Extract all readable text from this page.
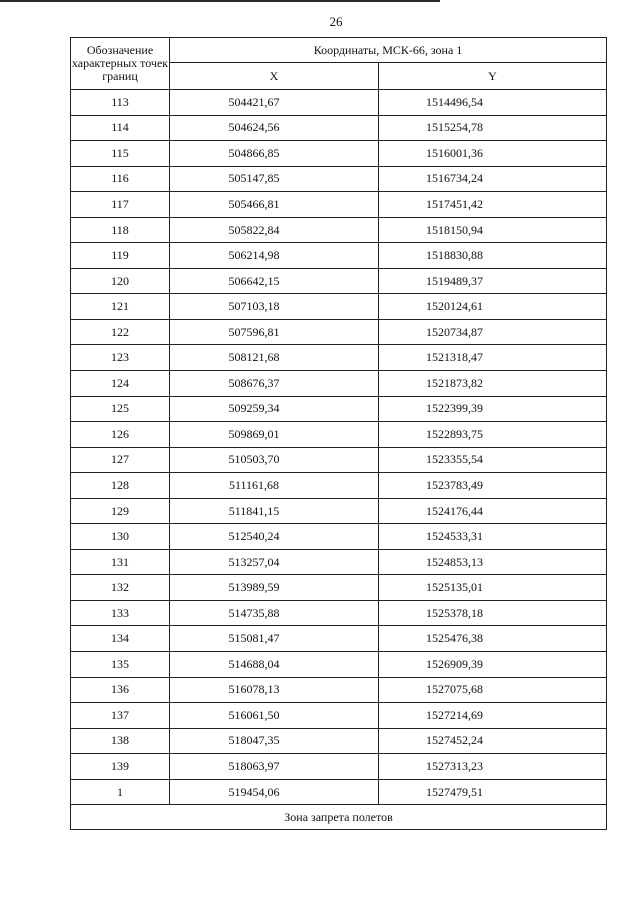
26
Обозначение характерных точек границ	Координаты, МСК-66, зона 1	
	X	Y
113	504421,67	1514496,54
114	504624,56	1515254,78
115	504866,85	1516001,36
116	505147,85	1516734,24
117	505466,81	1517451,42
118	505822,84	1518150,94
119	506214,98	1518830,88
120	506642,15	1519489,37
121	507103,18	1520124,61
122	507596,81	1520734,87
123	508121,68	1521318,47
124	508676,37	1521873,82
125	509259,34	1522399,39
126	509869,01	1522893,75
127	510503,70	1523355,54
128	511161,68	1523783,49
129	511841,15	1524176,44
130	512540,24	1524533,31
131	513257,04	1524853,13
132	513989,59	1525135,01
133	514735,88	1525378,18
134	515081,47	1525476,38
135	514688,04	1526909,39
136	516078,13	1527075,68
137	516061,50	1527214,69
138	518047,35	1527452,24
139	518063,97	1527313,23
1	519454,06	1527479,51
Зона запрета полетов		
